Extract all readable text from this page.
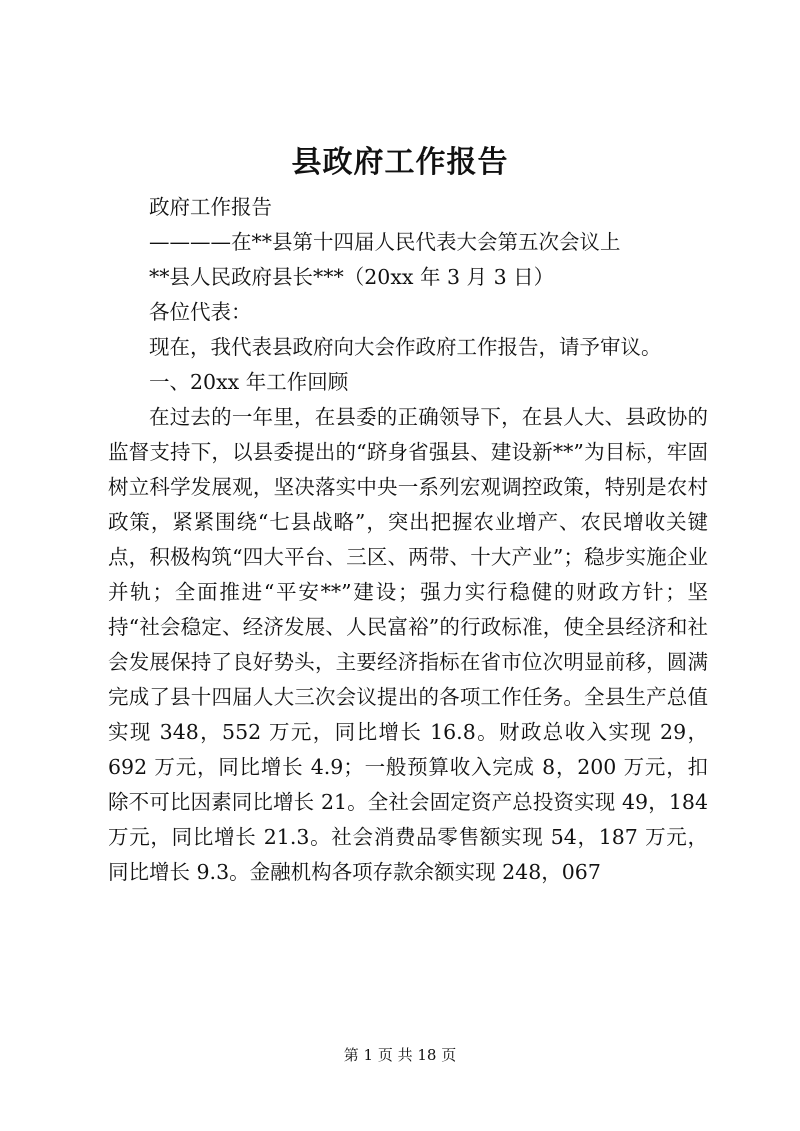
县政府工作报告

政府工作报告

————在**县第十四届人民代表大会第五次会议上

**县人民政府县长***（20xx 年 3 月 3 日）

各位代表：

现在，我代表县政府向大会作政府工作报告，请予审议。

一、20xx 年工作回顾

在过去的一年里，在县委的正确领导下，在县人大、县政协的监督支持下，以县委提出的“跻身省强县、建设新**”为目标，牢固树立科学发展观，坚决落实中央一系列宏观调控政策，特别是农村政策，紧紧围绕“七县战略”，突出把握农业增产、农民增收关键点，积极构筑“四大平台、三区、两带、十大产业”；稳步实施企业并轨；全面推进“平安**”建设；强力实行稳健的财政方针；坚持“社会稳定、经济发展、人民富裕”的行政标准，使全县经济和社会发展保持了良好势头，主要经济指标在省市位次明显前移，圆满完成了县十四届人大三次会议提出的各项工作任务。全县生产总值实现 348，552 万元，同比增长 16.8。财政总收入实现 29，692 万元，同比增长 4.9；一般预算收入完成 8，200 万元，扣除不可比因素同比增长 21。全社会固定资产总投资实现 49，184 万元，同比增长 21.3。社会消费品零售额实现 54，187 万元，同比增长 9.3。金融机构各项存款余额实现 248，067

第 1 页 共 18 页
